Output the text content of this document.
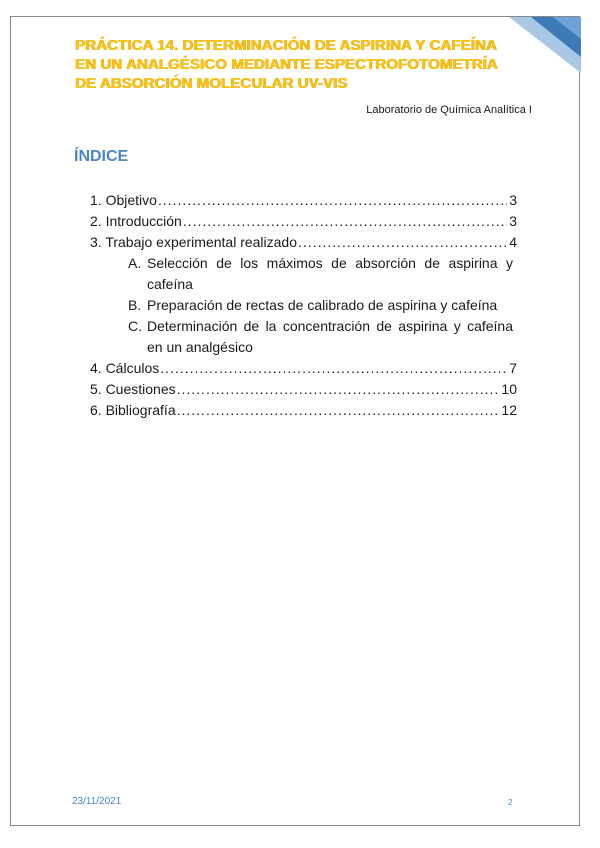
PRÁCTICA 14. DETERMINACIÓN DE ASPIRINA Y CAFEÍNA
EN UN ANALGÉSICO MEDIANTE ESPECTROFOTOMETRÍA
DE ABSORCIÓN MOLECULAR UV-VIS

Laboratorio de Química Analítica I

ÍNDICE
1. Objetivo .....	3
2. Introducción .....	3
3. Trabajo experimental realizado .....	4
A. Selección de los máximos de absorción de aspirina y cafeína
B. Preparación de rectas de calibrado de aspirina y cafeína
C. Determinación de la concentración de aspirina y cafeína en un analgésico
4. Cálculos .....	7
5. Cuestiones .....	10
6. Bibliografía .....	12

23/11/2021	2
